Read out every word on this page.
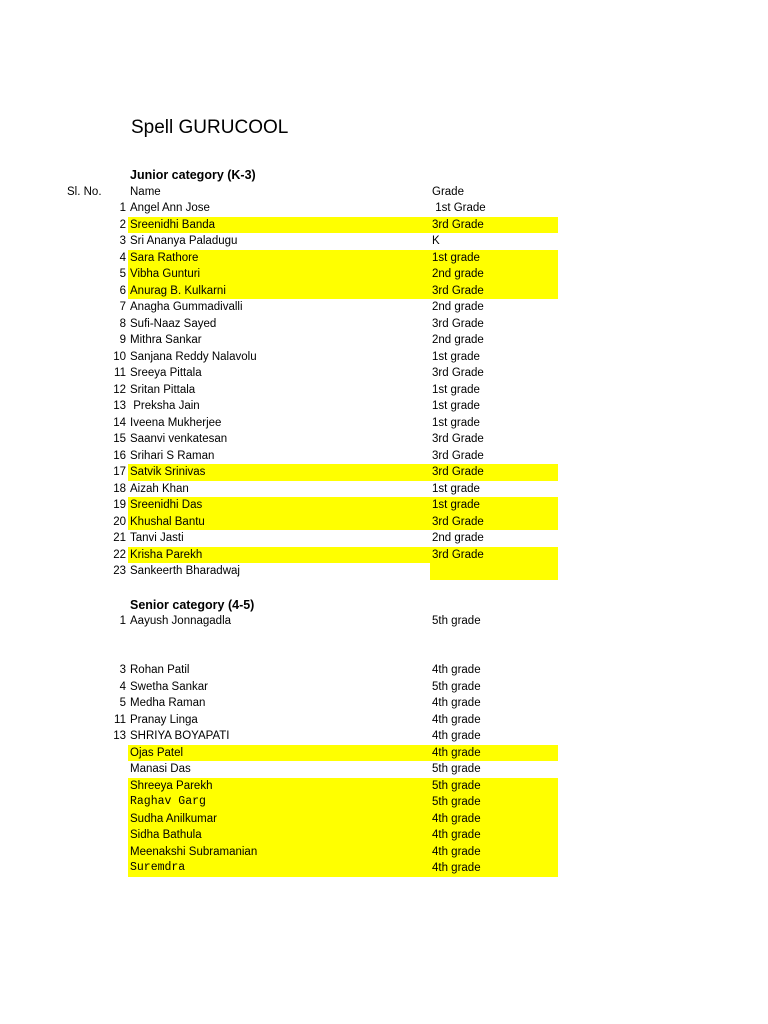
Spell GURUCOOL
Junior category (K-3)
Sl. No. Name	Grade
1 Angel Ann Jose	1st Grade
2 Sreenidhi Banda	3rd Grade
3 Sri Ananya Paladugu	K
4 Sara Rathore	1st grade
5 Vibha Gunturi	2nd grade
6 Anurag B. Kulkarni	3rd Grade
7 Anagha Gummadivalli	2nd grade
8 Sufi-Naaz Sayed	3rd Grade
9 Mithra Sankar	2nd grade
10 Sanjana Reddy Nalavolu	1st grade
11 Sreeya Pittala	3rd Grade
12 Sritan Pittala	1st grade
13 Preksha Jain	1st grade
14 Iveena Mukherjee	1st grade
15 Saanvi venkatesan	3rd Grade
16 Srihari S Raman	3rd Grade
17 Satvik Srinivas	3rd Grade
18 Aizah Khan	1st grade
19 Sreenidhi Das	1st grade
20 Khushal Bantu	3rd Grade
21 Tanvi Jasti	2nd grade
22 Krisha Parekh	3rd Grade
23 Sankeerth Bharadwaj
Senior category (4-5)
1 Aayush Jonnagadla	5th grade
3 Rohan Patil	4th grade
4 Swetha Sankar	5th grade
5 Medha Raman	4th grade
11 Pranay Linga	4th grade
13 SHRIYA BOYAPATI	4th grade
Ojas Patel	4th grade
Manasi Das	5th grade
Shreeya Parekh	5th grade
Raghav Garg	5th grade
Sudha Anilkumar	4th grade
Sidha Bathula	4th grade
Meenakshi Subramanian	4th grade
Suremdra	4th grade
